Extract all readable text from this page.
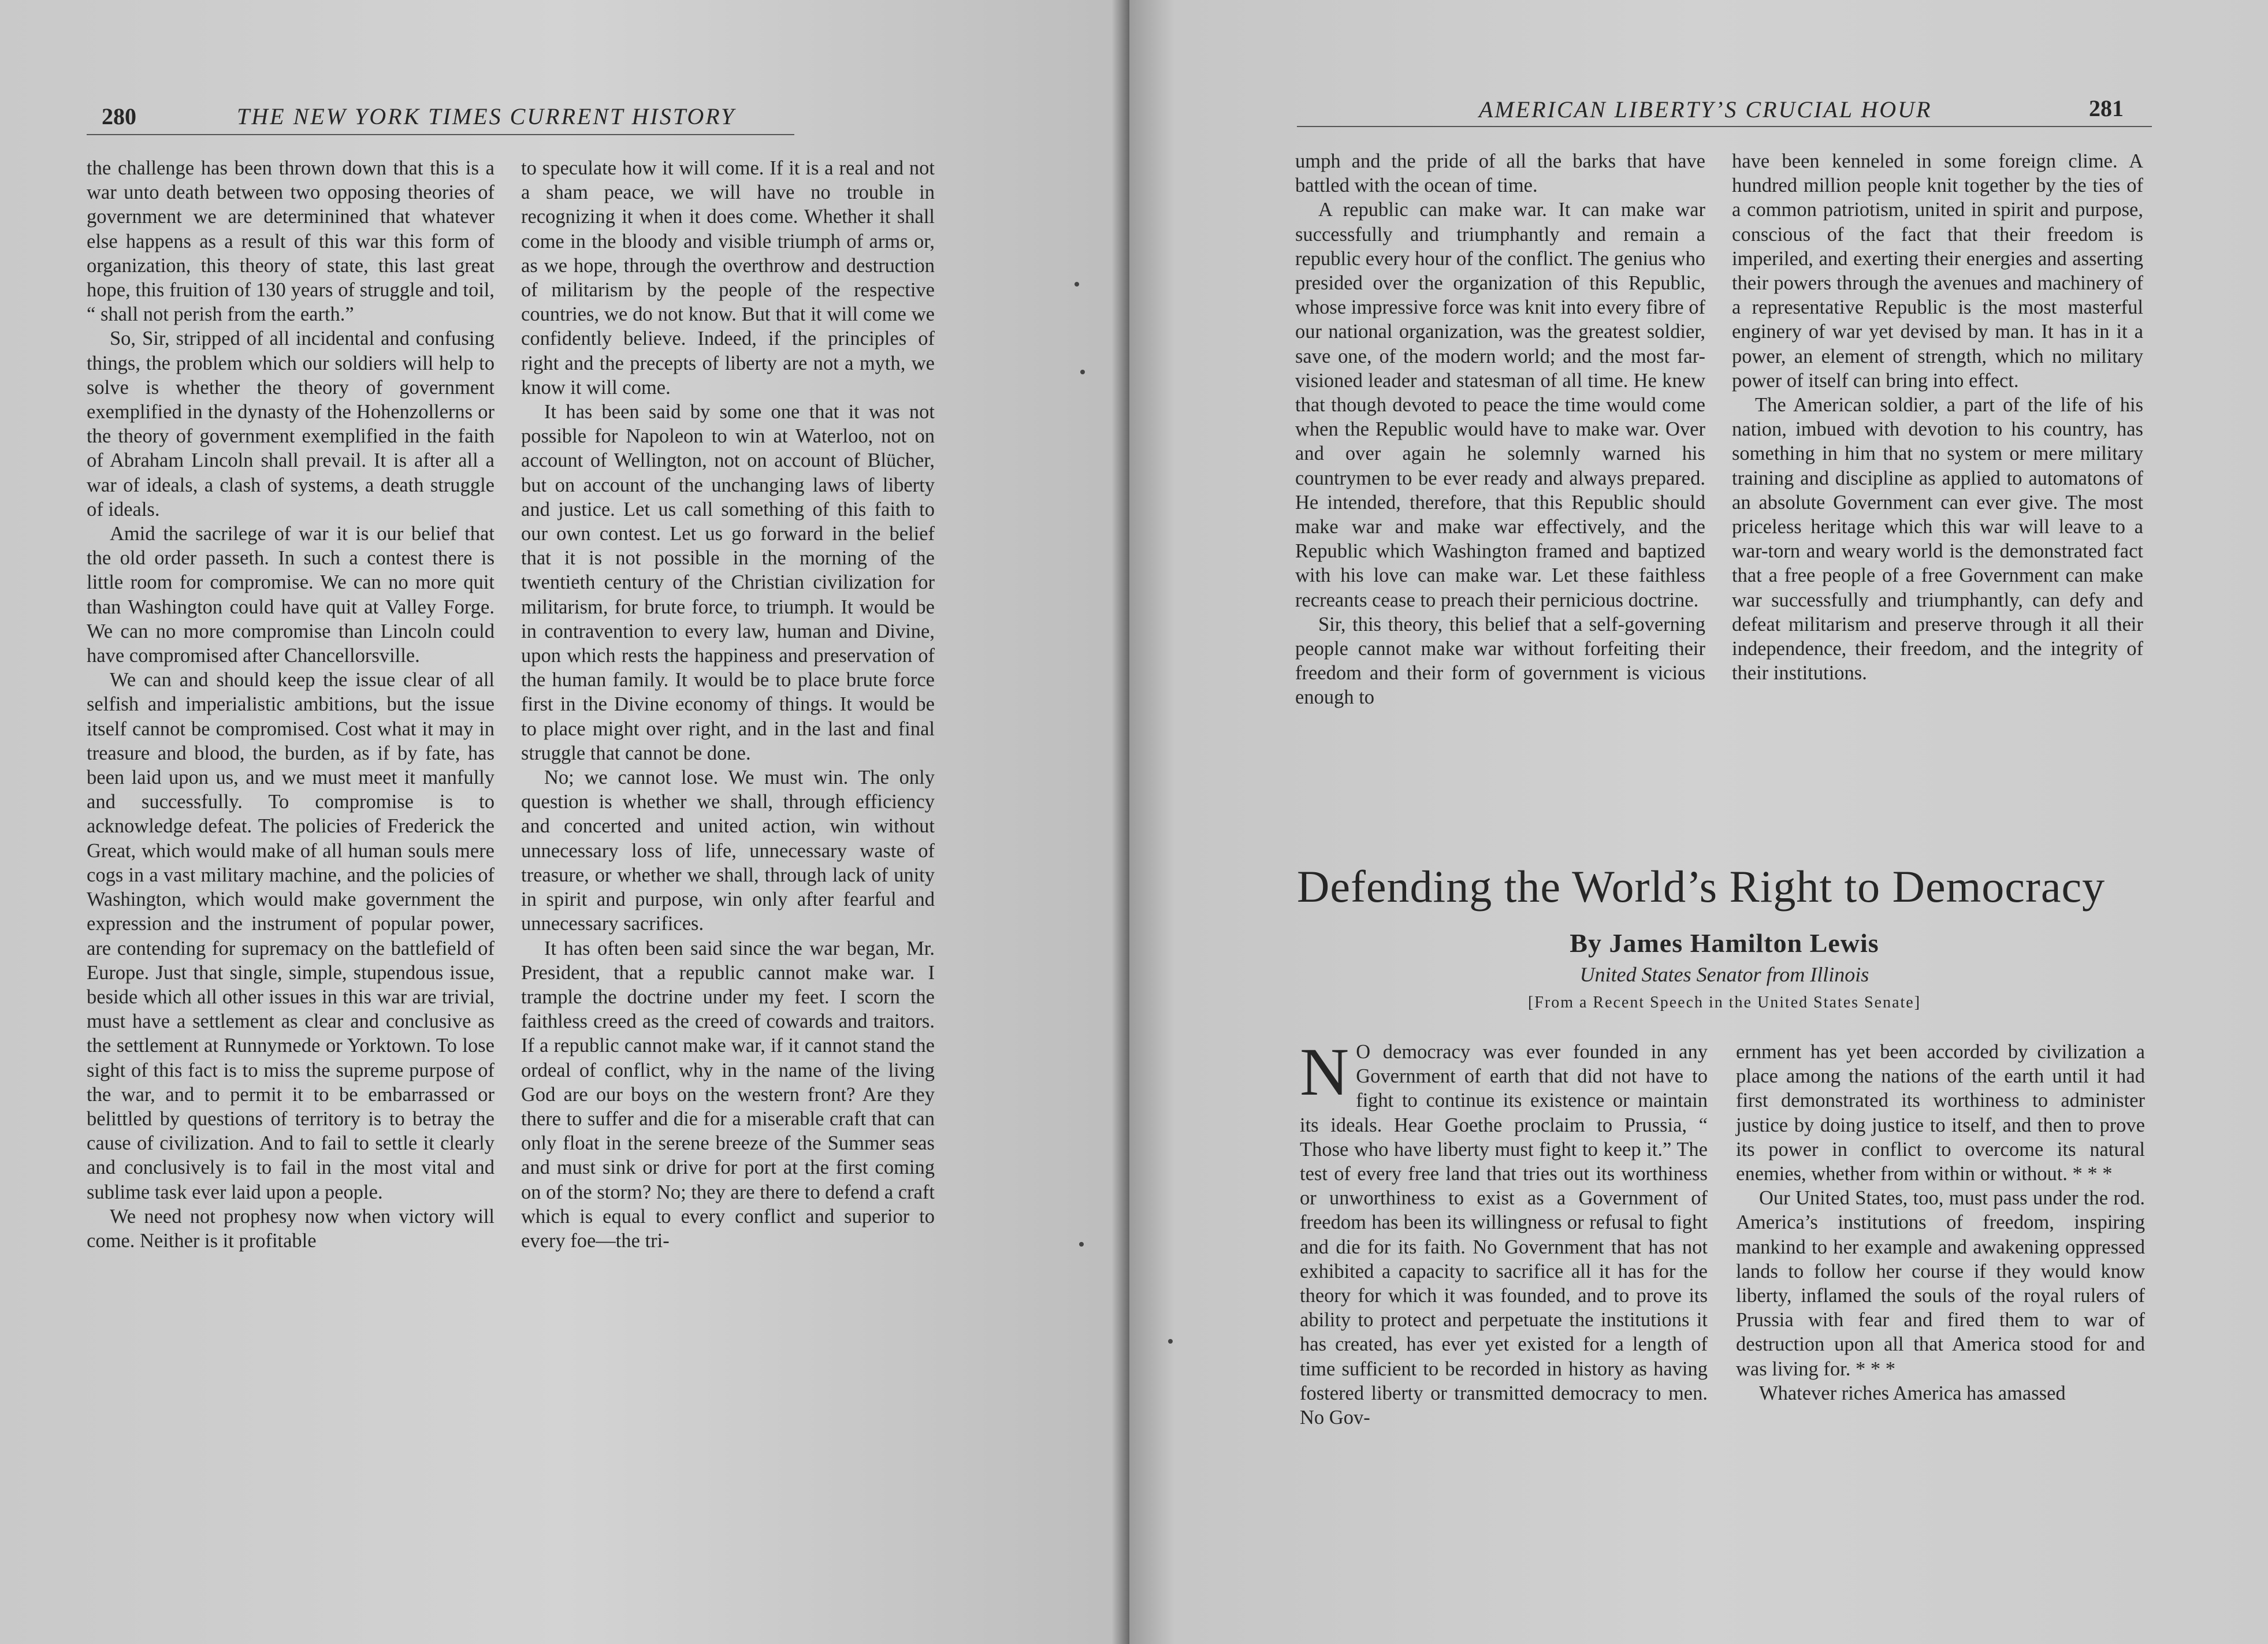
280	THE NEW YORK TIMES CURRENT HISTORY

the challenge has been thrown down that this is a war unto death between two opposing theories of government we are determinined that whatever else happens as a result of this war this form of organization, this theory of state, this last great hope, this fruition of 130 years of struggle and toil, “ shall not perish from the earth.”

So, Sir, stripped of all incidental and confusing things, the problem which our soldiers will help to solve is whether the theory of government exemplified in the dynasty of the Hohenzollerns or the theory of government exemplified in the faith of Abraham Lincoln shall prevail. It is after all a war of ideals, a clash of systems, a death struggle of ideals.

Amid the sacrilege of war it is our belief that the old order passeth. In such a contest there is little room for compromise. We can no more quit than Washington could have quit at Valley Forge. We can no more compromise than Lincoln could have compromised after Chancellorsville.

We can and should keep the issue clear of all selfish and imperialistic ambitions, but the issue itself cannot be compromised. Cost what it may in treasure and blood, the burden, as if by fate, has been laid upon us, and we must meet it manfully and successfully. To compromise is to acknowledge defeat. The policies of Frederick the Great, which would make of all human souls mere cogs in a vast military machine, and the policies of Washington, which would make government the expression and the instrument of popular power, are contending for supremacy on the battlefield of Europe. Just that single, simple, stupendous issue, beside which all other issues in this war are trivial, must have a settlement as clear and conclusive as the settlement at Runnymede or Yorktown. To lose sight of this fact is to miss the supreme purpose of the war, and to permit it to be embarrassed or belittled by questions of territory is to betray the cause of civilization. And to fail to settle it clearly and conclusively is to fail in the most vital and sublime task ever laid upon a people.

We need not prophesy now when victory will come. Neither is it profitable

to speculate how it will come. If it is a real and not a sham peace, we will have no trouble in recognizing it when it does come. Whether it shall come in the bloody and visible triumph of arms or, as we hope, through the overthrow and destruction of militarism by the people of the respective countries, we do not know. But that it will come we confidently believe. Indeed, if the principles of right and the precepts of liberty are not a myth, we know it will come.

It has been said by some one that it was not possible for Napoleon to win at Waterloo, not on account of Wellington, not on account of Blücher, but on account of the unchanging laws of liberty and justice. Let us call something of this faith to our own contest. Let us go forward in the belief that it is not possible in the morning of the twentieth century of the Christian civilization for militarism, for brute force, to triumph. It would be in contravention to every law, human and Divine, upon which rests the happiness and preservation of the human family. It would be to place brute force first in the Divine economy of things. It would be to place might over right, and in the last and final struggle that cannot be done.

No; we cannot lose. We must win. The only question is whether we shall, through efficiency and concerted and united action, win without unnecessary loss of life, unnecessary waste of treasure, or whether we shall, through lack of unity in spirit and purpose, win only after fearful and unnecessary sacrifices.

It has often been said since the war began, Mr. President, that a republic cannot make war. I trample the doctrine under my feet. I scorn the faithless creed as the creed of cowards and traitors. If a republic cannot make war, if it cannot stand the ordeal of conflict, why in the name of the living God are our boys on the western front? Are they there to suffer and die for a miserable craft that can only float in the serene breeze of the Summer seas and must sink or drive for port at the first coming on of the storm? No; they are there to defend a craft which is equal to every conflict and superior to every foe—the tri-

AMERICAN LIBERTY’S CRUCIAL HOUR	281

umph and the pride of all the barks that have battled with the ocean of time.

A republic can make war. It can make war successfully and triumphantly and remain a republic every hour of the conflict. The genius who presided over the organization of this Republic, whose impressive force was knit into every fibre of our national organization, was the greatest soldier, save one, of the modern world; and the most far-visioned leader and statesman of all time. He knew that though devoted to peace the time would come when the Republic would have to make war. Over and over again he solemnly warned his countrymen to be ever ready and always prepared. He intended, therefore, that this Republic should make war and make war effectively, and the Republic which Washington framed and baptized with his love can make war. Let these faithless recreants cease to preach their pernicious doctrine.

Sir, this theory, this belief that a self-governing people cannot make war without forfeiting their freedom and their form of government is vicious enough to

have been kenneled in some foreign clime. A hundred million people knit together by the ties of a common patriotism, united in spirit and purpose, conscious of the fact that their freedom is imperiled, and exerting their energies and asserting their powers through the avenues and machinery of a representative Republic is the most masterful enginery of war yet devised by man. It has in it a power, an element of strength, which no military power of itself can bring into effect.

The American soldier, a part of the life of his nation, imbued with devotion to his country, has something in him that no system or mere military training and discipline as applied to automatons of an absolute Government can ever give. The most priceless heritage which this war will leave to a war-torn and weary world is the demonstrated fact that a free people of a free Government can make war successfully and triumphantly, can defy and defeat militarism and preserve through it all their independence, their freedom, and the integrity of their institutions.

Defending the World’s Right to Democracy
By James Hamilton Lewis
United States Senator from Illinois
[From a Recent Speech in the United States Senate]
N O democracy was ever founded in any Government of earth that did not have to fight to continue its existence or maintain its ideals. Hear Goethe proclaim to Prussia, “ Those who have liberty must fight to keep it.” The test of every free land that tries out its worthiness or unworthiness to exist as a Government of freedom has been its willingness or refusal to fight and die for its faith. No Government that has not exhibited a capacity to sacrifice all it has for the theory for which it was founded, and to prove its ability to protect and perpetuate the institutions it has created, has ever yet existed for a length of time sufficient to be recorded in history as having fostered liberty or transmitted democracy to men. No Gov-

ernment has yet been accorded by civilization a place among the nations of the earth until it had first demonstrated its worthiness to administer justice by doing justice to itself, and then to prove its power in conflict to overcome its natural enemies, whether from within or without. * * *

Our United States, too, must pass under the rod. America’s institutions of freedom, inspiring mankind to her example and awakening oppressed lands to follow her course if they would know liberty, inflamed the souls of the royal rulers of Prussia with fear and fired them to war of destruction upon all that America stood for and was living for. * * *

Whatever riches America has amassed
